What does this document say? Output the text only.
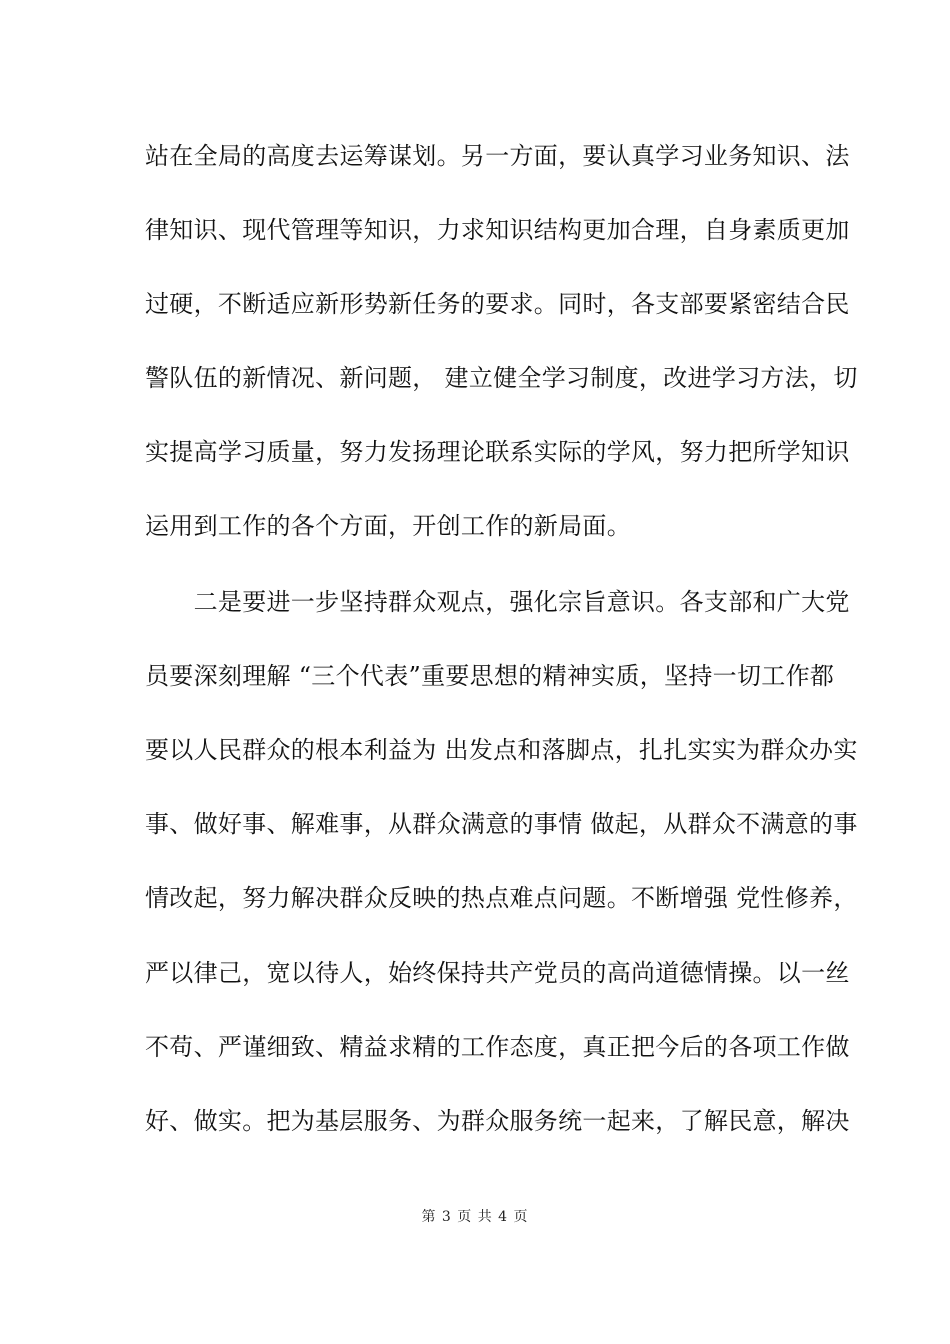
站在全局的高度去运筹谋划。另一方面，要认真学习业务知识、法
律知识、现代管理等知识，力求知识结构更加合理，自身素质更加
过硬，不断适应新形势新任务的要求。同时，各支部要紧密结合民
警队伍的新情况、新问题， 建立健全学习制度，改进学习方法，切
实提高学习质量，努力发扬理论联系实际的学风，努力把所学知识
运用到工作的各个方面，开创工作的新局面。
　　二是要进一步坚持群众观点，强化宗旨意识。各支部和广大党
员要深刻理解 “三个代表”重要思想的精神实质，坚持一切工作都
要以人民群众的根本利益为 出发点和落脚点，扎扎实实为群众办实
事、做好事、解难事，从群众满意的事情 做起，从群众不满意的事
情改起，努力解决群众反映的热点难点问题。不断增强 党性修养，
严以律己，宽以待人，始终保持共产党员的高尚道德情操。以一丝
不苟、严谨细致、精益求精的工作态度，真正把今后的各项工作做
好、做实。把为基层服务、为群众服务统一起来，了解民意，解决
第 3 页 共 4 页
